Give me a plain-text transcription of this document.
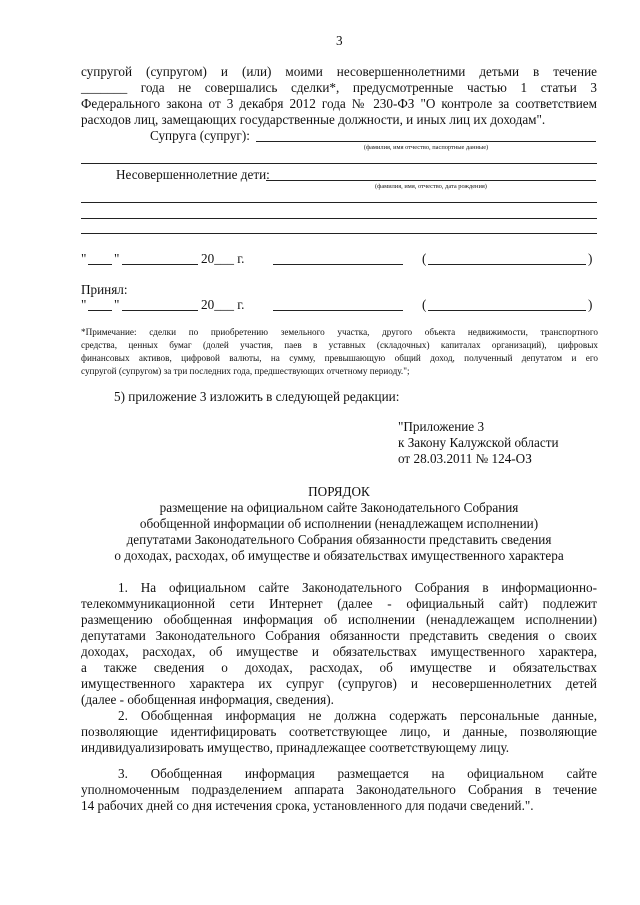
3
супругой (супругом) и (или) моими несовершеннолетними детьми в течение
_______ года не совершались сделки*, предусмотренные частью 1 статьи 3
Федерального закона от 3 декабря 2012 года № 230-ФЗ "О контроле за соответствием
расходов лиц, замещающих государственные должности, и иных лиц их доходам".
Супруга (супруг):
(фамилия, имя отчество, паспортные данные)
Несовершеннолетние дети:
(фамилия, имя, отчество, дата рождения)
" "	20___ г.	(	)
Принял:
" "	20___ г.	(	)
*Примечание: сделки по приобретению земельного участка, другого объекта недвижимости, транспортного
средства, ценных бумаг (долей участия, паев в уставных (складочных) капиталах организаций), цифровых
финансовых активов, цифровой валюты, на сумму, превышающую общий доход, полученный депутатом и его
супругой (супругом) за три последних года, предшествующих отчетному периоду.";
5) приложение 3 изложить в следующей редакции:
"Приложение 3
к Закону Калужской области
от 28.03.2011 № 124-ОЗ
ПОРЯДОК
размещение на официальном сайте Законодательного Собрания
обобщенной информации об исполнении (ненадлежащем исполнении)
депутатами Законодательного Собрания обязанности представить сведения
о доходах, расходах, об имуществе и обязательствах имущественного характера
1. На официальном сайте Законодательного Собрания в информационно-
телекоммуникационной сети Интернет (далее - официальный сайт) подлежит
размещению обобщенная информация об исполнении (ненадлежащем исполнении)
депутатами Законодательного Собрания обязанности представить сведения о своих
доходах, расходах, об имуществе и обязательствах имущественного характера,
а также сведения о доходах, расходах, об имуществе и обязательствах
имущественного характера их супруг (супругов) и несовершеннолетних детей
(далее - обобщенная информация, сведения).
2. Обобщенная информация не должна содержать персональные данные,
позволяющие идентифицировать соответствующее лицо, и данные, позволяющие
индивидуализировать имущество, принадлежащее соответствующему лицу.
3. Обобщенная информация размещается на официальном сайте
уполномоченным подразделением аппарата Законодательного Собрания в течение
14 рабочих дней со дня истечения срока, установленного для подачи сведений.".
